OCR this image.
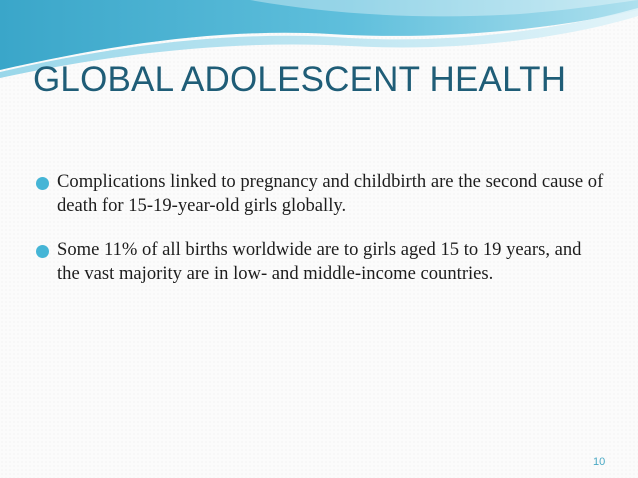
GLOBAL ADOLESCENT HEALTH
Complications linked to pregnancy and childbirth are the second cause of death for 15-19-year-old girls globally.
Some 11% of all births worldwide are to girls aged 15 to 19 years, and the vast majority are in low- and middle-income countries.
10
